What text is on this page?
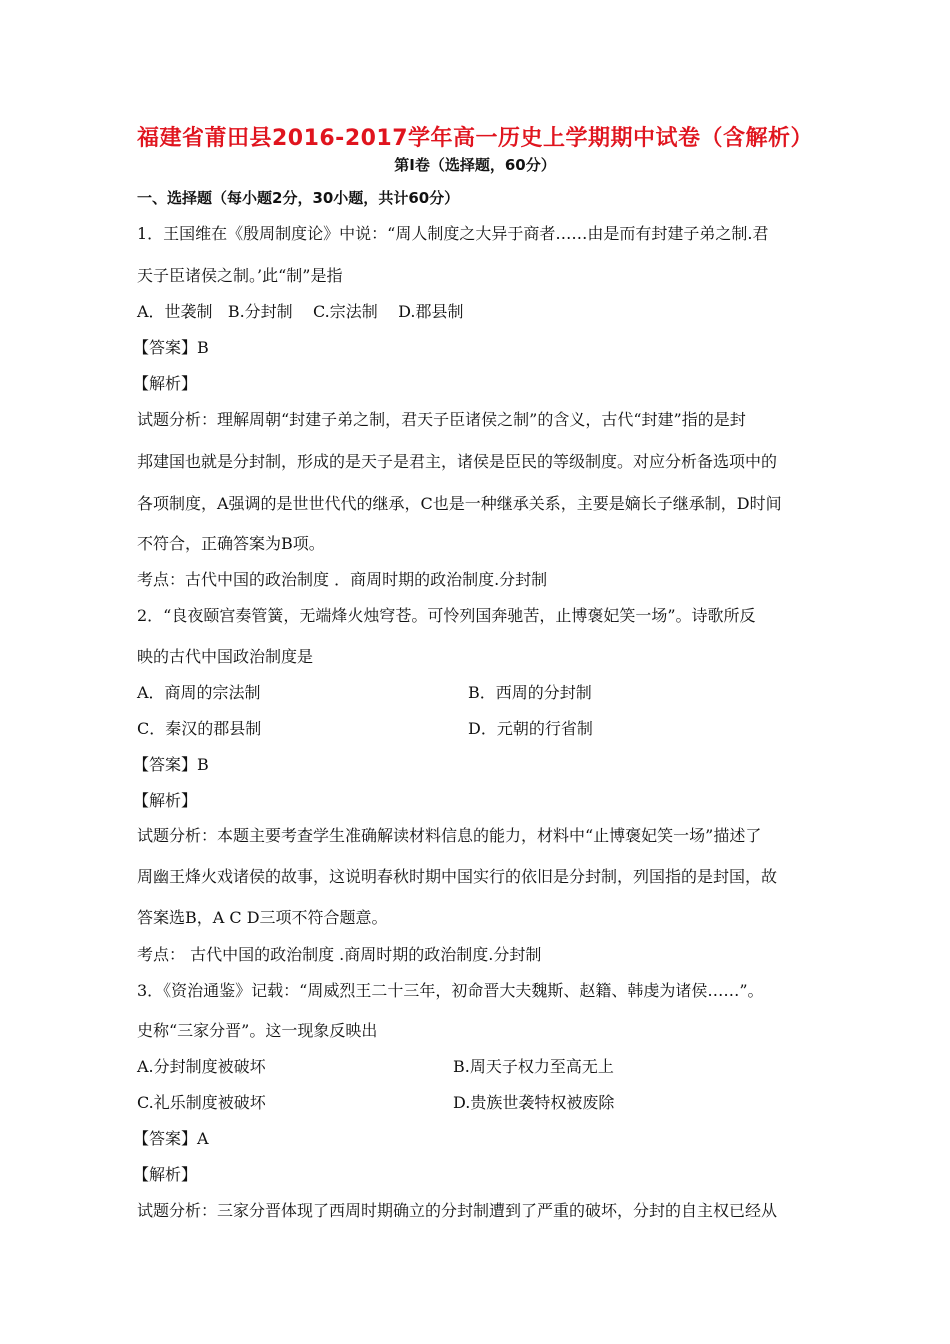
福建省莆田县2016-2017学年高一历史上学期期中试卷（含解析）
第Ⅰ卷（选择题，60分）
一、选择题（每小题2分，30小题，共计60分）
1．王国维在《殷周制度论》中说：“周人制度之大异于商者……由是而有封建子弟之制.君
天子臣诸侯之制。’此“制”是指
A．世袭制   B.分封制    C.宗法制    D.郡县制
【答案】B
【解析】
试题分析：理解周朝“封建子弟之制，君天子臣诸侯之制”的含义，古代“封建”指的是封
邦建国也就是分封制，形成的是天子是君主，诸侯是臣民的等级制度。对应分析备选项中的
各项制度，A强调的是世世代代的继承，C也是一种继承关系，主要是嫡长子继承制，D时间
不符合，正确答案为B项。
考点：古代中国的政治制度 ．商周时期的政治制度.分封制
2．“良夜颐宫奏管簧，无端烽火烛穹苍。可怜列国奔驰苦，止博褒妃笑一场”。诗歌所反
映的古代中国政治制度是
A．商周的宗法制	B．西周的分封制
C．秦汉的郡县制	D．元朝的行省制
【答案】B
【解析】
试题分析：本题主要考查学生准确解读材料信息的能力，材料中“止博褒妃笑一场”描述了
周幽王烽火戏诸侯的故事，这说明春秋时期中国实行的依旧是分封制，列国指的是封国，故
答案选B，A C D三项不符合题意。
考点： 古代中国的政治制度 .商周时期的政治制度.分封制
3．《资治通鉴》记载：“周威烈王二十三年，初命晋大夫魏斯、赵籍、韩虔为诸侯……”。
史称“三家分晋”。这一现象反映出
A.分封制度被破坏	B.周天子权力至高无上
C.礼乐制度被破坏	D.贵族世袭特权被废除
【答案】A
【解析】
试题分析：三家分晋体现了西周时期确立的分封制遭到了严重的破坏，分封的自主权已经从
